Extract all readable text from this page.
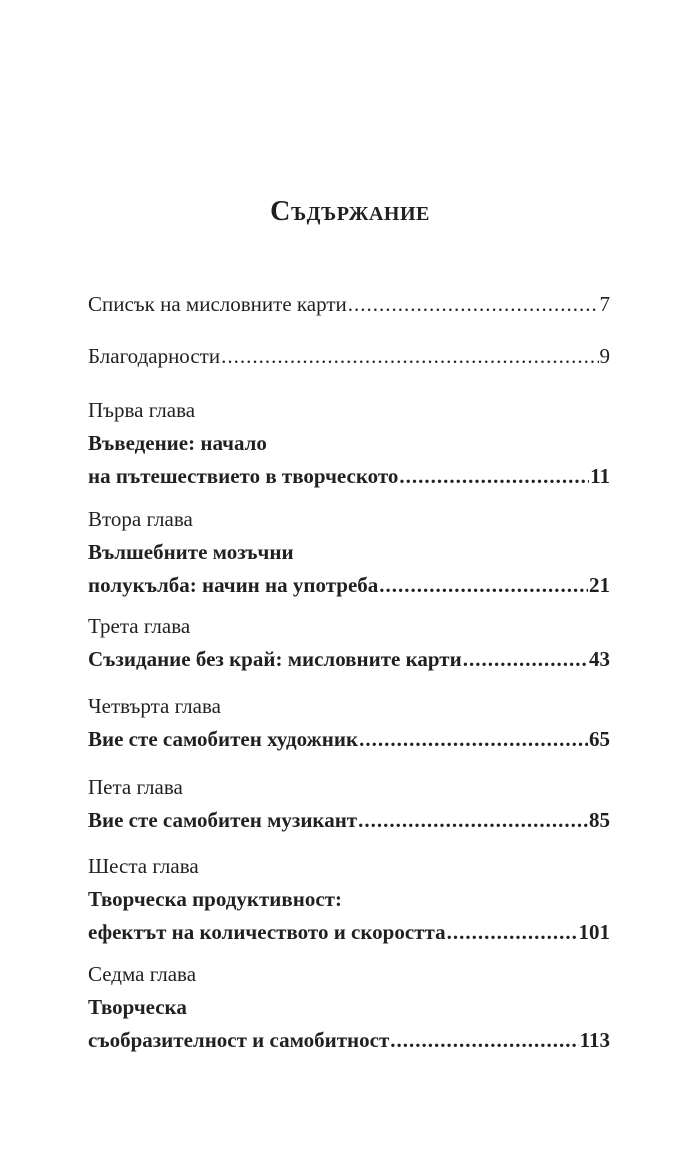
Съдържание
Списък на мисловните карти .....	7
Благодарности .....	9
Първа глава
Въведение: начало
на пътешествието в творческото .....	11
Втора глава
Вълшебните мозъчни
полукълба: начин на употреба .....	21
Трета глава
Съзидание без край: мисловните карти .....	43
Четвърта глава
Вие сте самобитен художник .....	65
Пета глава
Вие сте самобитен музикант .....	85
Шеста глава
Творческа продуктивност:
ефектът на количеството и скоростта .....	101
Седма глава
Творческа
съобразителност и самобитност .....	113
